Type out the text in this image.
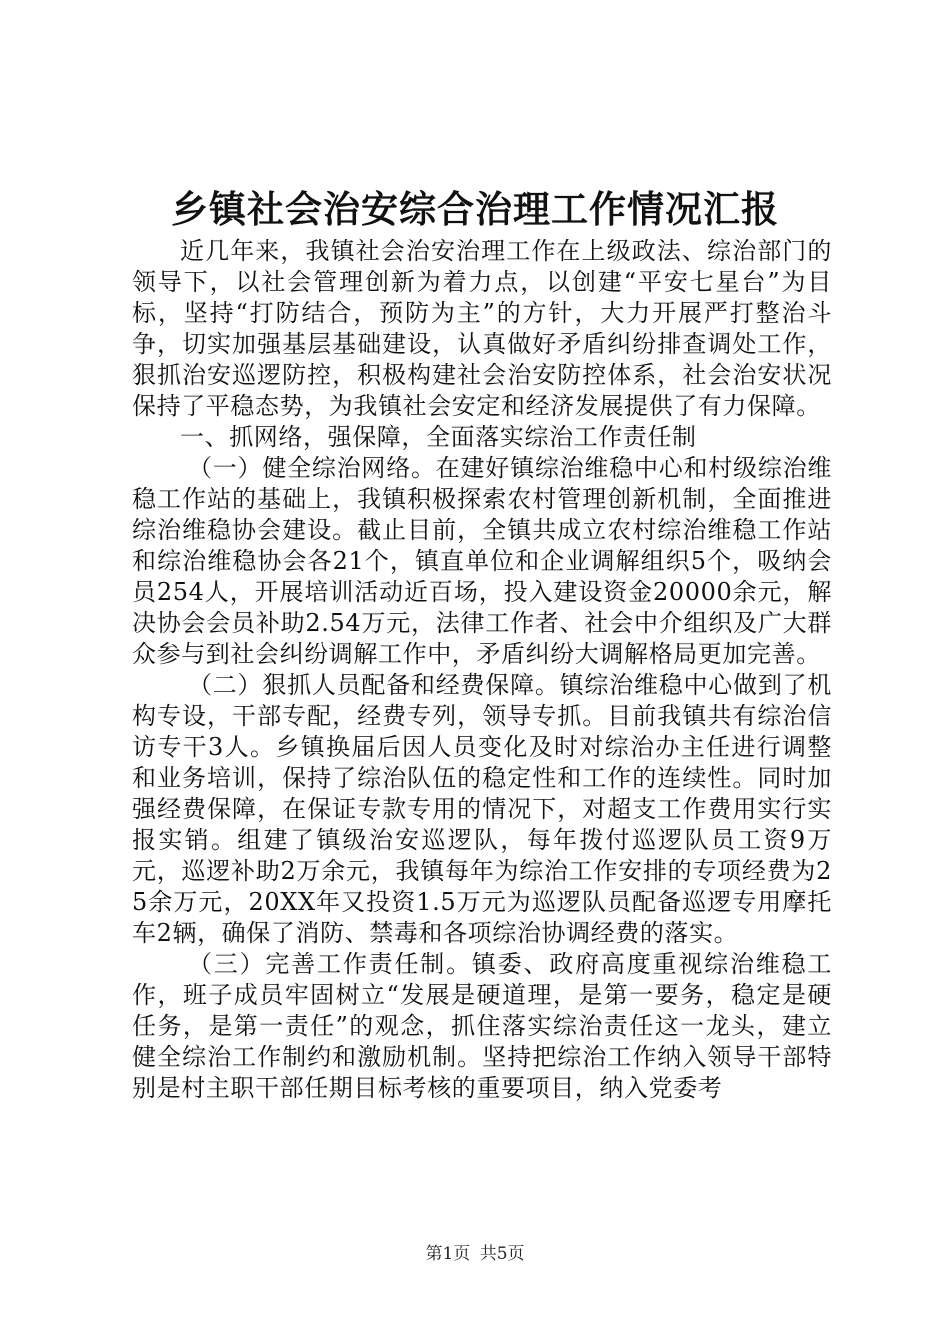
乡镇社会治安综合治理工作情况汇报

近几年来，我镇社会治安治理工作在上级政法、综治部门的领导下，以社会管理创新为着力点，以创建“平安七星台”为目标，坚持“打防结合，预防为主”的方针，大力开展严打整治斗争，切实加强基层基础建设，认真做好矛盾纠纷排查调处工作，狠抓治安巡逻防控，积极构建社会治安防控体系，社会治安状况保持了平稳态势，为我镇社会安定和经济发展提供了有力保障。

一、抓网络，强保障，全面落实综治工作责任制

（一）健全综治网络。在建好镇综治维稳中心和村级综治维稳工作站的基础上，我镇积极探索农村管理创新机制，全面推进综治维稳协会建设。截止目前，全镇共成立农村综治维稳工作站和综治维稳协会各21个，镇直单位和企业调解组织5个，吸纳会员254人，开展培训活动近百场，投入建设资金20000余元，解决协会会员补助2.54万元，法律工作者、社会中介组织及广大群众参与到社会纠纷调解工作中，矛盾纠纷大调解格局更加完善。

（二）狠抓人员配备和经费保障。镇综治维稳中心做到了机构专设，干部专配，经费专列，领导专抓。目前我镇共有综治信访专干3人。乡镇换届后因人员变化及时对综治办主任进行调整和业务培训，保持了综治队伍的稳定性和工作的连续性。同时加强经费保障，在保证专款专用的情况下，对超支工作费用实行实报实销。组建了镇级治安巡逻队，每年拨付巡逻队员工资9万元，巡逻补助2万余元，我镇每年为综治工作安排的专项经费为25余万元，20XX年又投资1.5万元为巡逻队员配备巡逻专用摩托车2辆，确保了消防、禁毒和各项综治协调经费的落实。

（三）完善工作责任制。镇委、政府高度重视综治维稳工作，班子成员牢固树立“发展是硬道理，是第一要务，稳定是硬任务，是第一责任”的观念，抓住落实综治责任这一龙头，建立健全综治工作制约和激励机制。坚持把综治工作纳入领导干部特别是村主职干部任期目标考核的重要项目，纳入党委考

第1页 共5页
